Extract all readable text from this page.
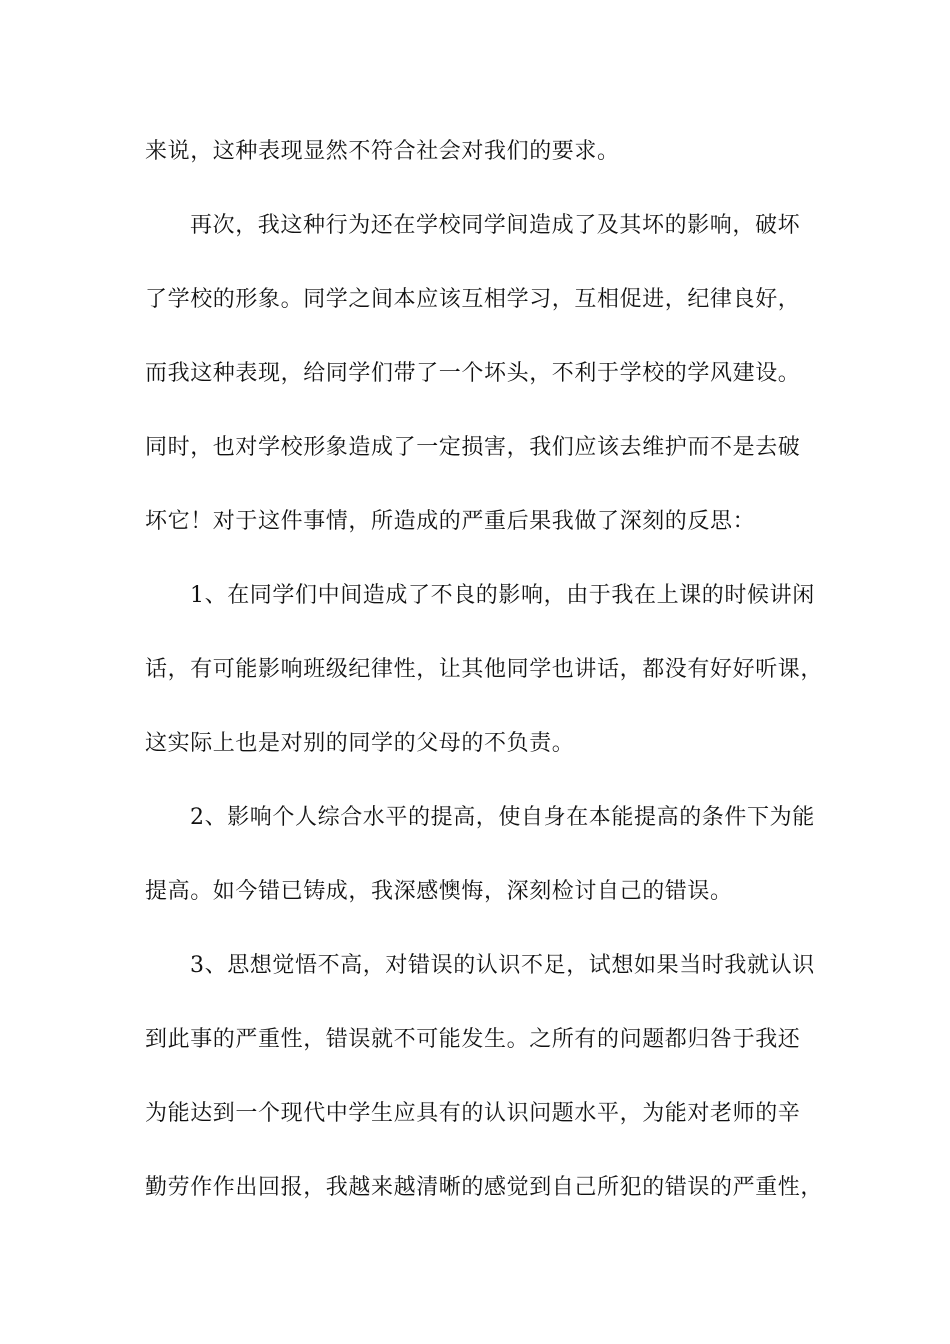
来说，这种表现显然不符合社会对我们的要求。
再次，我这种行为还在学校同学间造成了及其坏的影响，破坏
了学校的形象。同学之间本应该互相学习，互相促进，纪律良好，
而我这种表现，给同学们带了一个坏头，不利于学校的学风建设。
同时，也对学校形象造成了一定损害，我们应该去维护而不是去破
坏它！对于这件事情，所造成的严重后果我做了深刻的反思：
1、在同学们中间造成了不良的影响，由于我在上课的时候讲闲
话，有可能影响班级纪律性，让其他同学也讲话，都没有好好听课，
这实际上也是对别的同学的父母的不负责。
2、影响个人综合水平的提高，使自身在本能提高的条件下为能
提高。如今错已铸成，我深感懊悔，深刻检讨自己的错误。
3、思想觉悟不高，对错误的认识不足，试想如果当时我就认识
到此事的严重性，错误就不可能发生。之所有的问题都归咎于我还
为能达到一个现代中学生应具有的认识问题水平，为能对老师的辛
勤劳作作出回报，我越来越清晰的感觉到自己所犯的错误的严重性，
